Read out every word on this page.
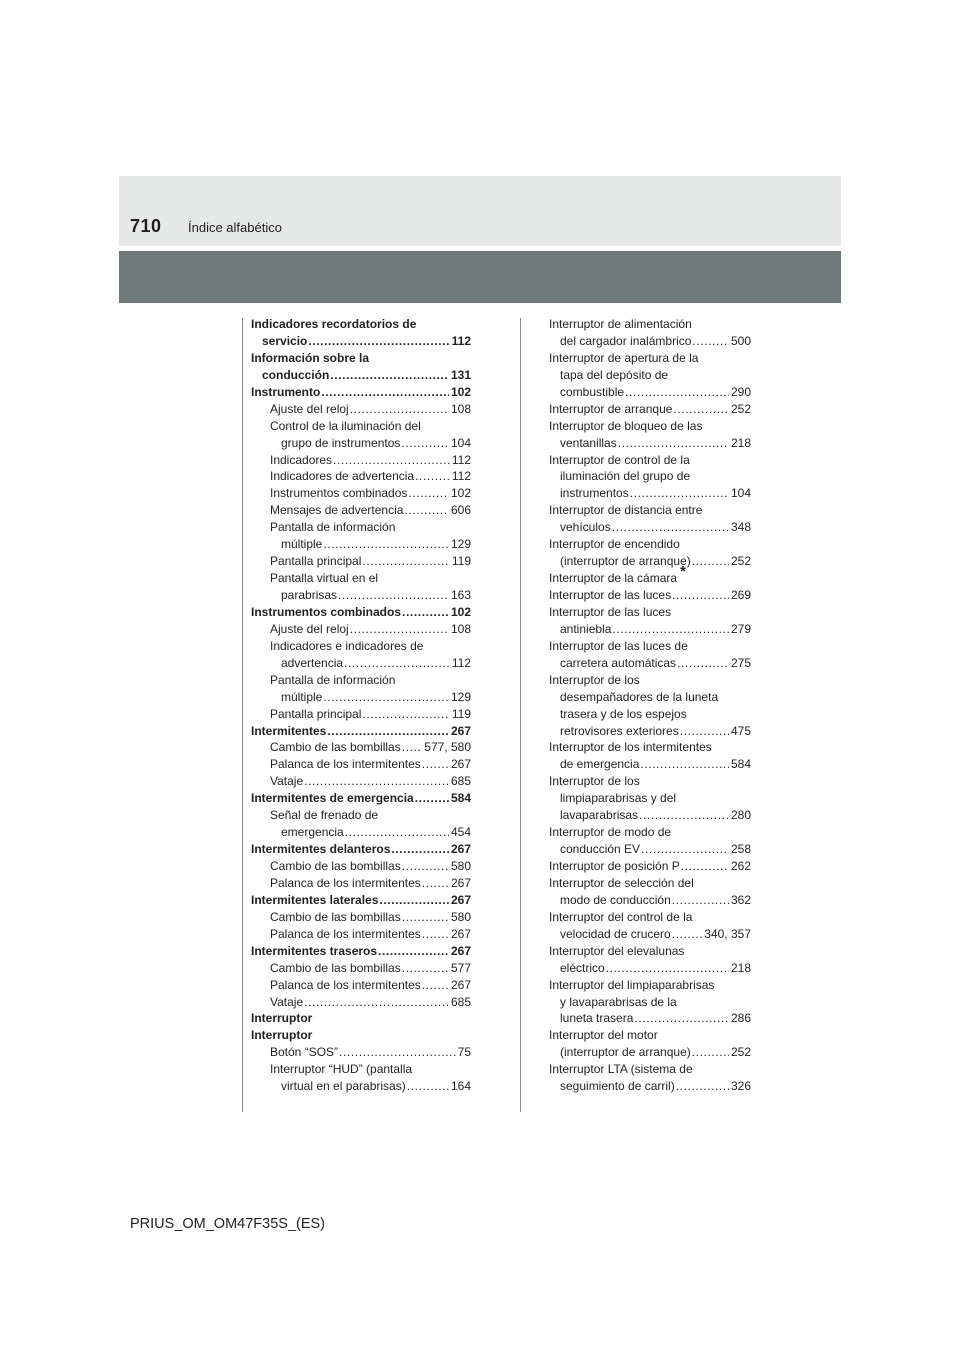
710 Índice alfabético
Indicadores recordatorios de
servicio .....	112
Información sobre la
conducción .....	131
Instrumento .....	102
Ajuste del reloj .....	108
Control de la iluminación del
grupo de instrumentos .....	104
Indicadores .....	112
Indicadores de advertencia .....	112
Instrumentos combinados .....	102
Mensajes de advertencia .....	606
Pantalla de información
múltiple .....	129
Pantalla principal .....	119
Pantalla virtual en el
parabrisas .....	163
Instrumentos combinados .....	102
Ajuste del reloj .....	108
Indicadores e indicadores de
advertencia .....	112
Pantalla de información
múltiple .....	129
Pantalla principal .....	119
Intermitentes .....	267
Cambio de las bombillas ..... 577, 580
Palanca de los intermitentes .....	267
Vataje .....	685
Intermitentes de emergencia .....	584
Señal de frenado de
emergencia .....	454
Intermitentes delanteros .....	267
Cambio de las bombillas .....	580
Palanca de los intermitentes .....	267
Intermitentes laterales .....	267
Cambio de las bombillas .....	580
Palanca de los intermitentes .....	267
Intermitentes traseros .....	267
Cambio de las bombillas .....	577
Palanca de los intermitentes .....	267
Vataje .....	685
Interruptor
Interruptor
Botón “SOS” .....	75
Interruptor “HUD” (pantalla
virtual en el parabrisas) .....	164
Interruptor de alimentación
del cargador inalámbrico .....	500
Interruptor de apertura de la
tapa del depósito de
combustible .....	290
Interruptor de arranque .....	252
Interruptor de bloqueo de las
ventanillas .....	218
Interruptor de control de la
iluminación del grupo de
instrumentos .....	104
Interruptor de distancia entre
vehículos .....	348
Interruptor de encendido
(interruptor de arranque) .....	252
Interruptor de la cámara *
Interruptor de las luces .....	269
Interruptor de las luces
antiniebla .....	279
Interruptor de las luces de
carretera automáticas .....	275
Interruptor de los
desempañadores de la luneta
trasera y de los espejos
retrovisores exteriores .....	475
Interruptor de los intermitentes
de emergencia .....	584
Interruptor de los
limpiaparabrisas y del
lavaparabrisas .....	280
Interruptor de modo de
conducción EV .....	258
Interruptor de posición P .....	262
Interruptor de selección del
modo de conducción .....	362
Interruptor del control de la
velocidad de crucero .....	340, 357
Interruptor del elevalunas
eléctrico .....	218
Interruptor del limpiaparabrisas
y lavaparabrisas de la
luneta trasera .....	286
Interruptor del motor
(interruptor de arranque) .....	252
Interruptor LTA (sistema de
seguimiento de carril) .....	326
PRIUS_OM_OM47F35S_(ES)
